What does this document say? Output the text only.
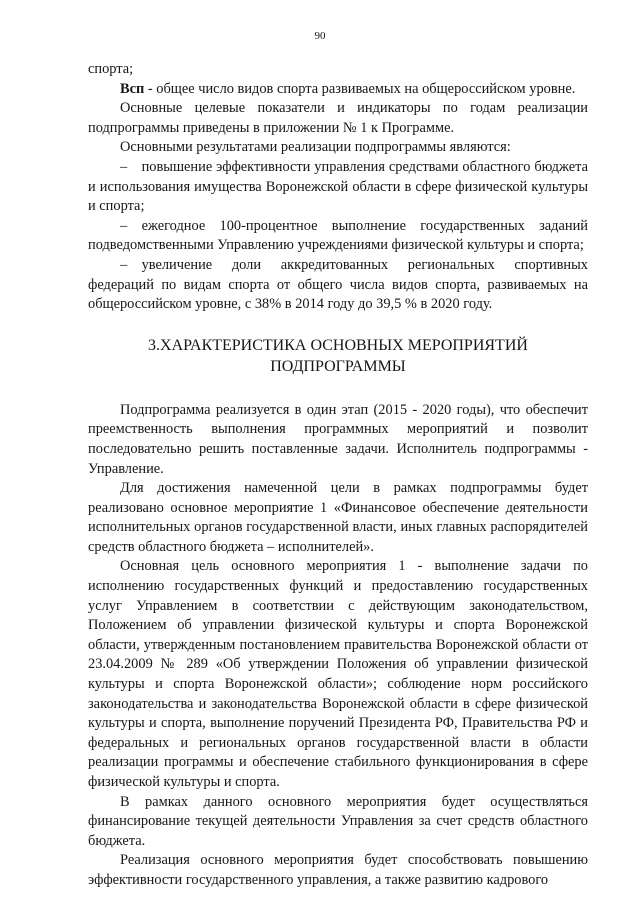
90

спорта;

Всп - общее число видов спорта развиваемых на общероссийском уровне.

Основные целевые показатели и индикаторы по годам реализации подпрограммы приведены в приложении № 1 к Программе.

Основными результатами реализации подпрограммы являются:

– повышение эффективности управления средствами областного бюджета и использования имущества Воронежской области в сфере физической культуры и спорта;

– ежегодное 100-процентное выполнение государственных заданий подведомственными Управлению учреждениями физической культуры и спорта;

– увеличение доли аккредитованных региональных спортивных федераций по видам спорта от общего числа видов спорта, развиваемых на общероссийском уровне, с 38% в 2014 году до 39,5 % в 2020 году.

3.ХАРАКТЕРИСТИКА ОСНОВНЫХ МЕРОПРИЯТИЙ
ПОДПРОГРАММЫ

Подпрограмма реализуется в один этап (2015 - 2020 годы), что обеспечит преемственность выполнения программных мероприятий и позволит последовательно решить поставленные задачи. Исполнитель подпрограммы - Управление.

Для достижения намеченной цели в рамках подпрограммы будет реализовано основное мероприятие 1 «Финансовое обеспечение деятельности исполнительных органов государственной власти, иных главных распорядителей средств областного бюджета – исполнителей».

Основная цель основного мероприятия 1 - выполнение задачи по исполнению государственных функций и предоставлению государственных услуг Управлением в соответствии с действующим законодательством, Положением об управлении физической культуры и спорта Воронежской области, утвержденным постановлением правительства Воронежской области от 23.04.2009 № 289 «Об утверждении Положения об управлении физической культуры и спорта Воронежской области»; соблюдение норм российского законодательства и законодательства Воронежской области в сфере физической культуры и спорта, выполнение поручений Президента РФ, Правительства РФ и федеральных и региональных органов государственной власти в области реализации программы и обеспечение стабильного функционирования в сфере физической культуры и спорта.

В рамках данного основного мероприятия будет осуществляться финансирование текущей деятельности Управления за счет средств областного бюджета.

Реализация основного мероприятия будет способствовать повышению эффективности государственного управления, а также развитию кадрового
